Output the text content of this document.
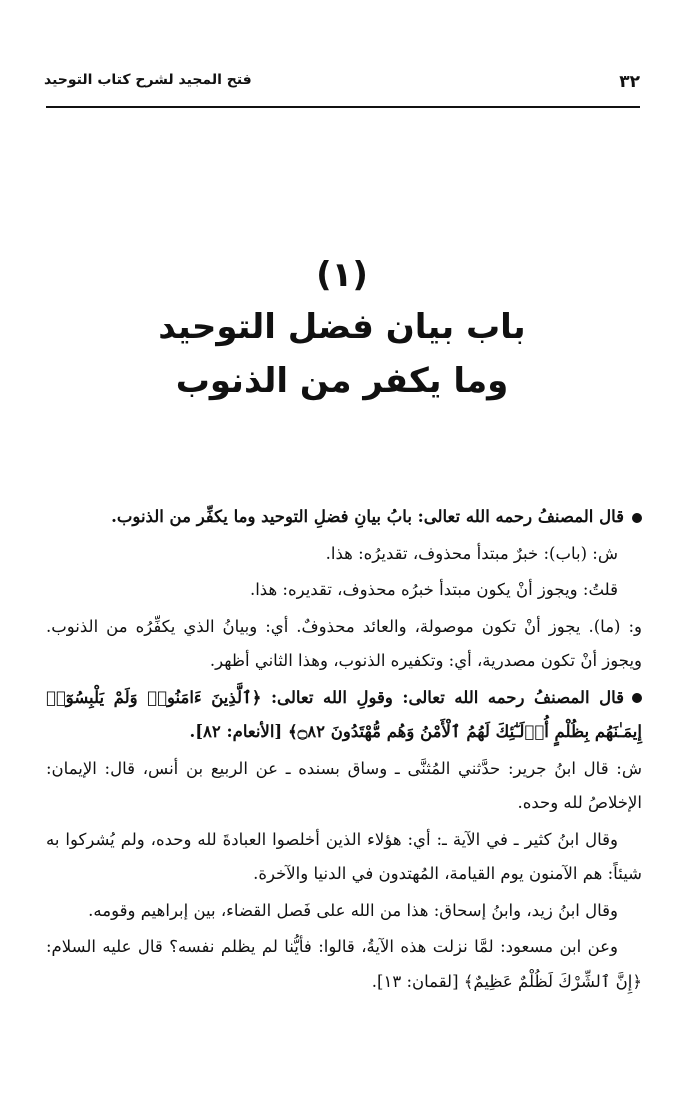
٣٢
فتح المجيد لشرح كتاب التوحيد
(١)
باب بيان فضل التوحيد
وما يكفر من الذنوب

قال المصنفُ رحمه الله تعالى: بابُ بيانِ فضلِ التوحيد وما يكفِّر من الذنوب.

ش: (باب): خبرٌ مبتدأ محذوف، تقديرُه: هذا.

قلتُ: ويجوز أنْ يكون مبتدأ خبرُه محذوف، تقديره: هذا.

و: (ما). يجوز أنْ تكون موصولة، والعائد محذوفٌ. أي: وبيانُ الذي يكفِّرُه من الذنوب. ويجوز أنْ تكون مصدرية، أي: وتكفيره الذنوب، وهذا الثاني أظهر.

قال المصنفُ رحمه الله تعالى: وقولِ الله تعالى: ﴿ٱلَّذِينَ ءَامَنُوا۟ وَلَمْ يَلْبِسُوٓا۟ إِيمَـٰنَهُم بِظُلْمٍ أُو۟لَـٰٓئِكَ لَهُمُ ٱلْأَمْنُ وَهُم مُّهْتَدُونَ ۝٨٢﴾ [الأنعام: ٨٢].

ش: قال ابنُ جرير: حدَّثني المُثنَّى ـ وساق بسنده ـ عن الربيع بن أنس، قال: الإيمان: الإخلاصُ لله وحده.

وقال ابنُ كثير ـ في الآية ـ: أي: هؤلاء الذين أخلصوا العبادةَ لله وحده، ولم يُشركوا به شيئاً: هم الآمنون يوم القيامة، المُهتدون في الدنيا والآخرة.

وقال ابنُ زيد، وابنُ إسحاق: هذا من الله على فَصل القضاء، بين إبراهيم وقومه.

وعن ابن مسعود: لمَّا نزلت هذه الآيةُ، قالوا: فأيُّنا لم يظلم نفسه؟ قال عليه السلام: ﴿إِنَّ ٱلشِّرْكَ لَظُلْمٌ عَظِيمٌ﴾ [لقمان: ١٣].
